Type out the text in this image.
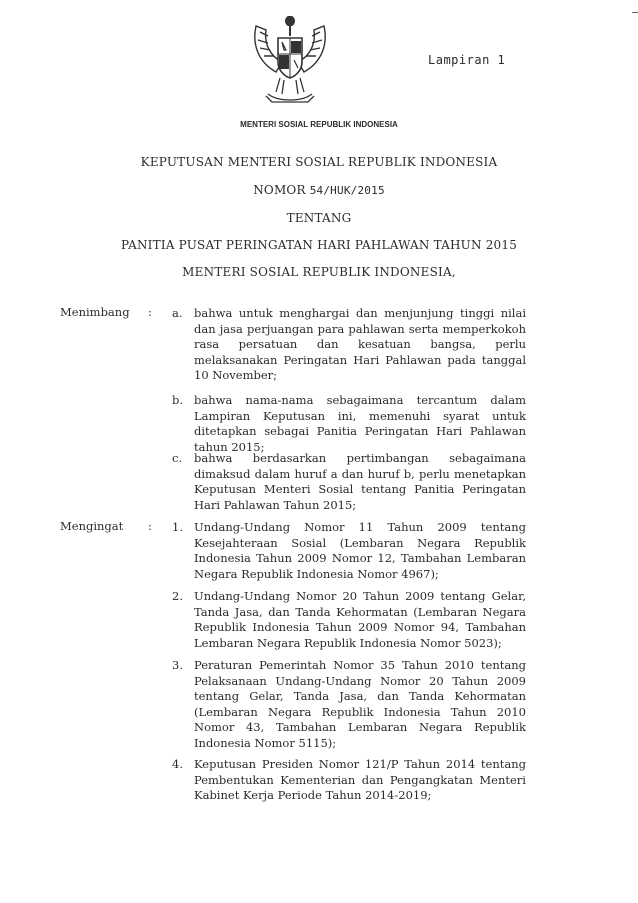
Lampiran 1
MENTERI SOSIAL REPUBLIK INDONESIA
KEPUTUSAN MENTERI SOSIAL REPUBLIK INDONESIA
NOMOR 54/HUK/2015
TENTANG
PANITIA PUSAT PERINGATAN HARI PAHLAWAN TAHUN 2015
MENTERI SOSIAL REPUBLIK INDONESIA,
Menimbang : a. bahwa untuk menghargai dan menjunjung tinggi nilai dan jasa perjuangan para pahlawan serta memperkokoh rasa persatuan dan kesatuan bangsa, perlu melaksanakan Peringatan Hari Pahlawan pada tanggal 10 November;
b. bahwa nama-nama sebagaimana tercantum dalam Lampiran Keputusan ini, memenuhi syarat untuk ditetapkan sebagai Panitia Peringatan Hari Pahlawan tahun 2015;
c. bahwa berdasarkan pertimbangan sebagaimana dimaksud dalam huruf a dan huruf b, perlu menetapkan Keputusan Menteri Sosial tentang Panitia Peringatan Hari Pahlawan Tahun 2015;
Mengingat : 1. Undang-Undang Nomor 11 Tahun 2009 tentang Kesejahteraan Sosial (Lembaran Negara Republik Indonesia Tahun 2009 Nomor 12, Tambahan Lembaran Negara Republik Indonesia Nomor 4967);
2. Undang-Undang Nomor 20 Tahun 2009 tentang Gelar, Tanda Jasa, dan Tanda Kehormatan (Lembaran Negara Republik Indonesia Tahun 2009 Nomor 94, Tambahan Lembaran Negara Republik Indonesia Nomor 5023);
3. Peraturan Pemerintah Nomor 35 Tahun 2010 tentang Pelaksanaan Undang-Undang Nomor 20 Tahun 2009 tentang Gelar, Tanda Jasa, dan Tanda Kehormatan (Lembaran Negara Republik Indonesia Tahun 2010 Nomor 43, Tambahan Lembaran Negara Republik Indonesia Nomor 5115);
4. Keputusan Presiden Nomor 121/P Tahun 2014 tentang Pembentukan Kementerian dan Pengangkatan Menteri Kabinet Kerja Periode Tahun 2014-2019;
